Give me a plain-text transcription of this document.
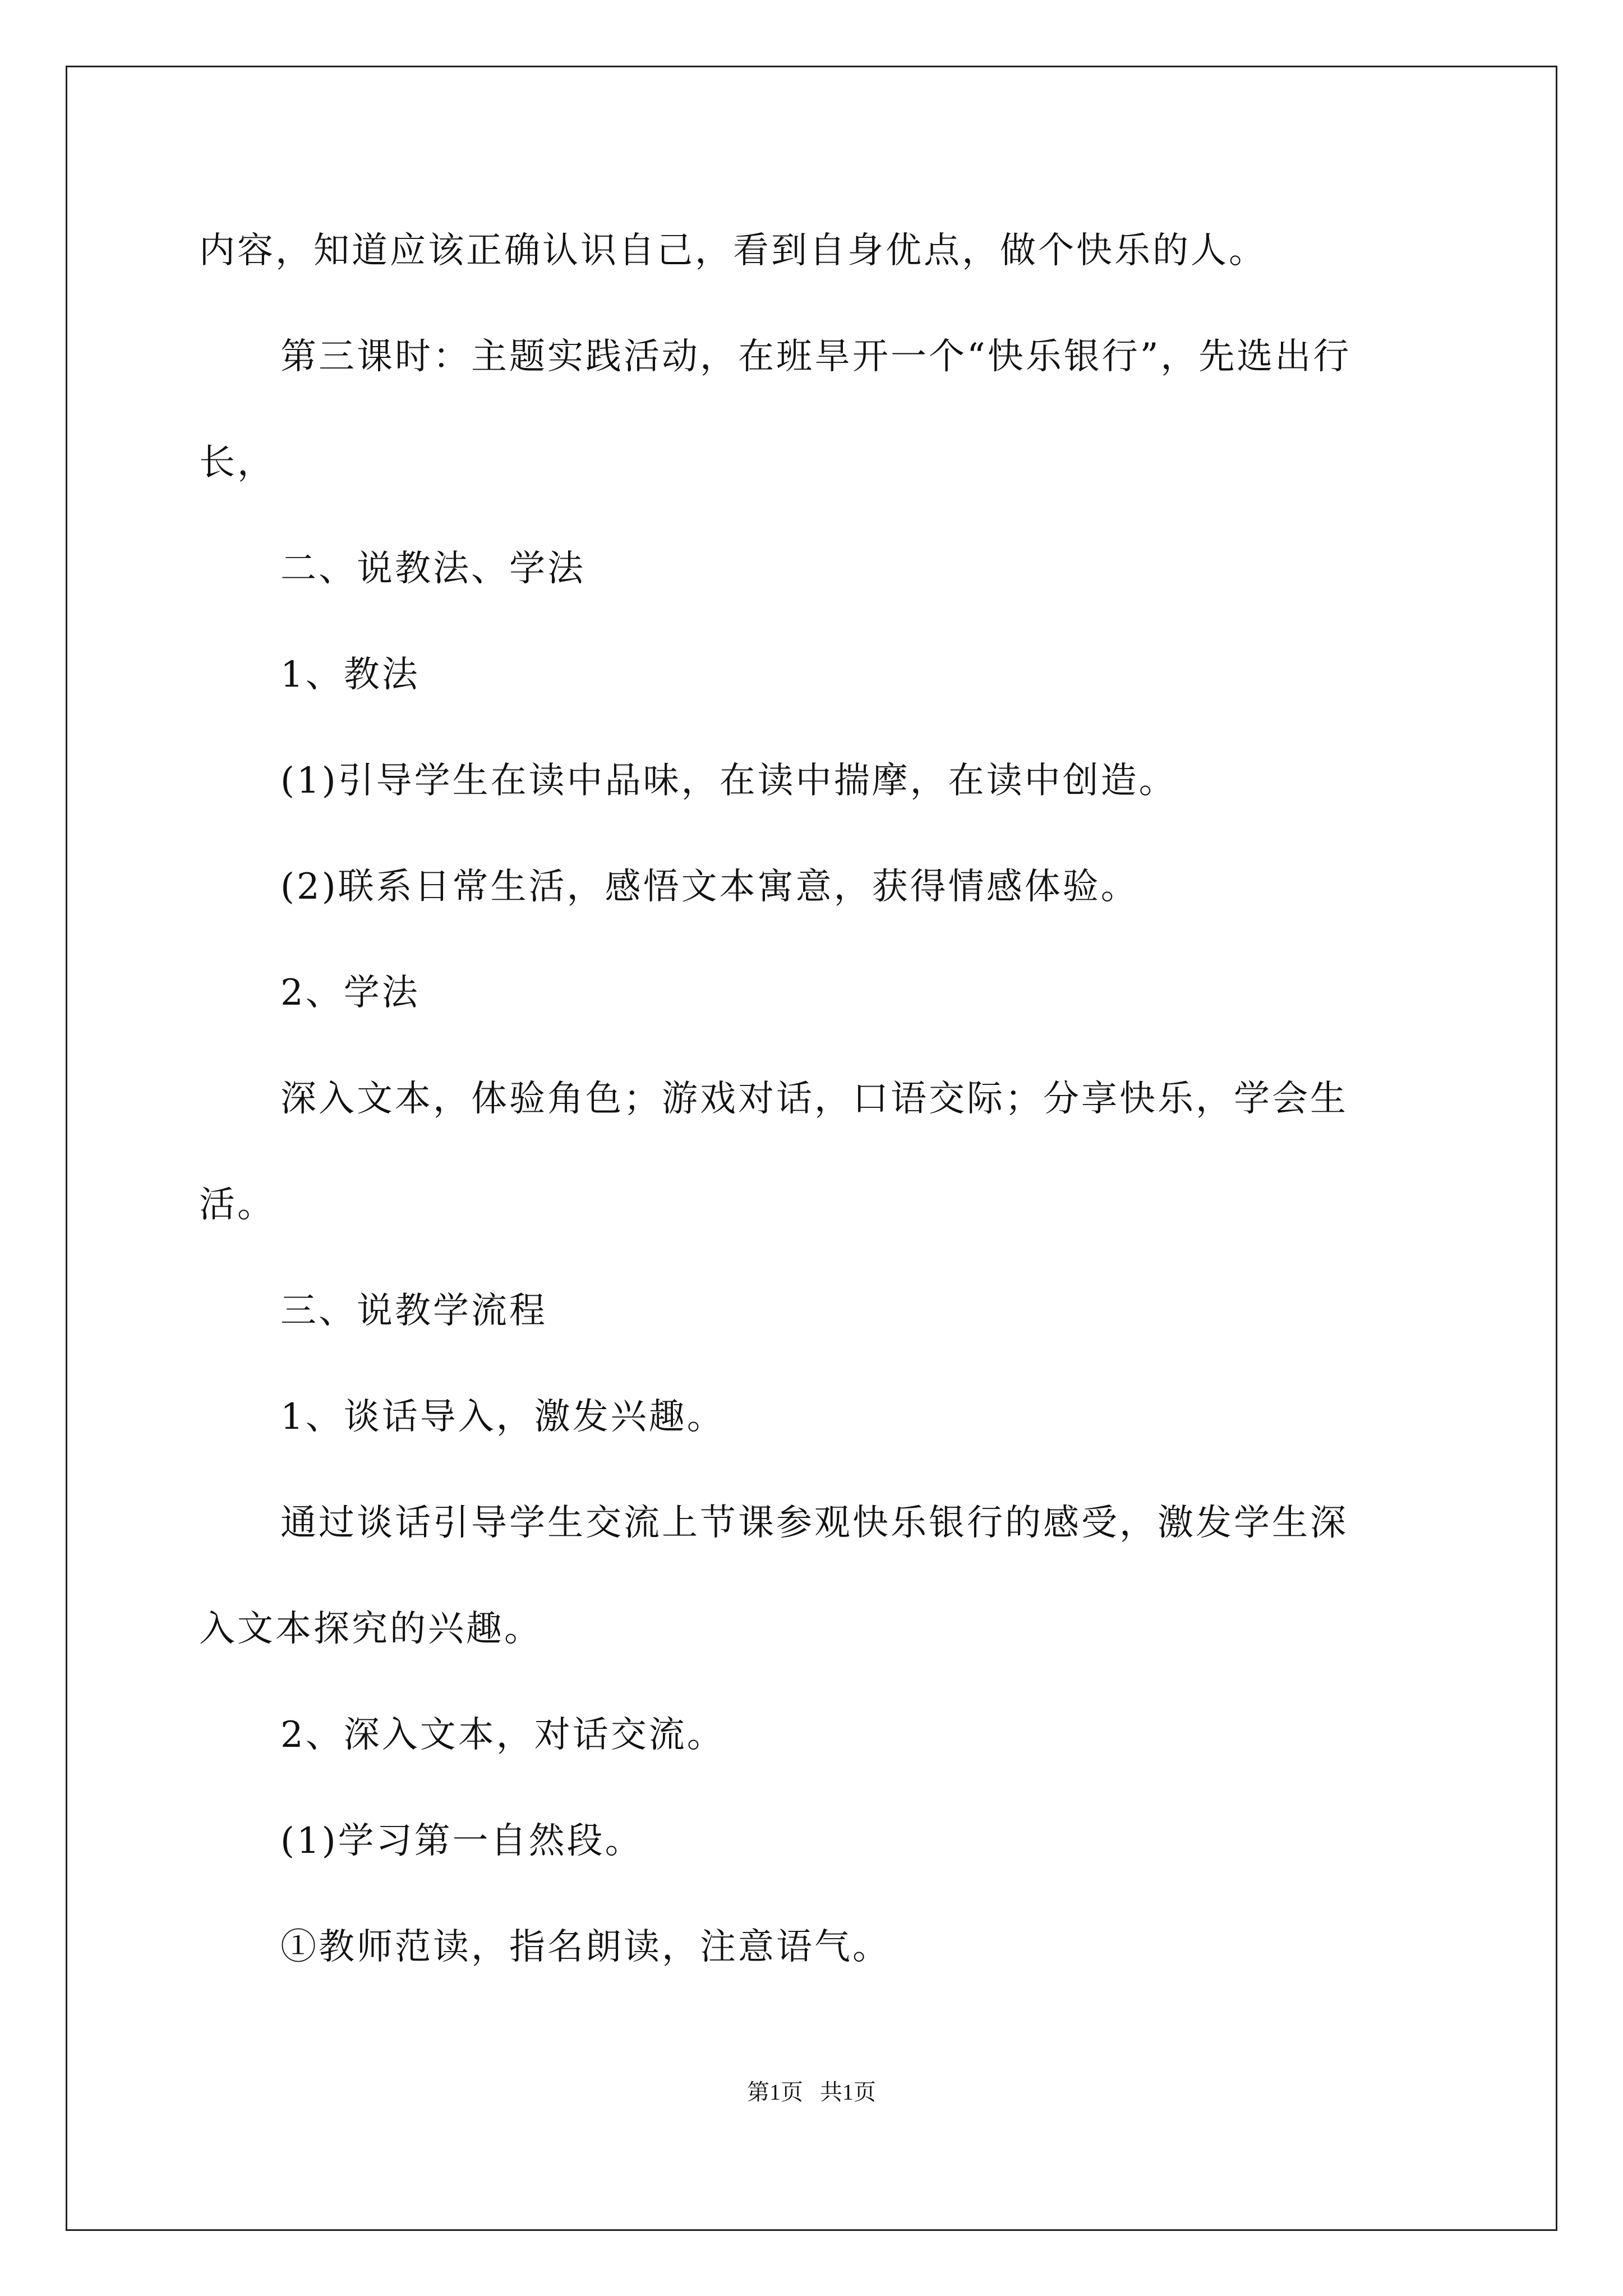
内容，知道应该正确认识自己，看到自身优点，做个快乐的人。
第三课时：主题实践活动，在班旱开一个“快乐银行”，先选出行
长，
二、说教法、学法
1、教法
(1)引导学生在读中品味，在读中揣摩，在读中创造。
(2)联系日常生活，感悟文本寓意，获得情感体验。
2、学法
深入文本，体验角色；游戏对话，口语交际；分享快乐，学会生
活。
三、说教学流程
1、谈话导入，激发兴趣。
通过谈话引导学生交流上节课参观快乐银行的感受，激发学生深
入文本探究的兴趣。
2、深入文本，对话交流。
(1)学习第一自然段。
①教师范读，指名朗读，注意语气。
第1页   共1页
